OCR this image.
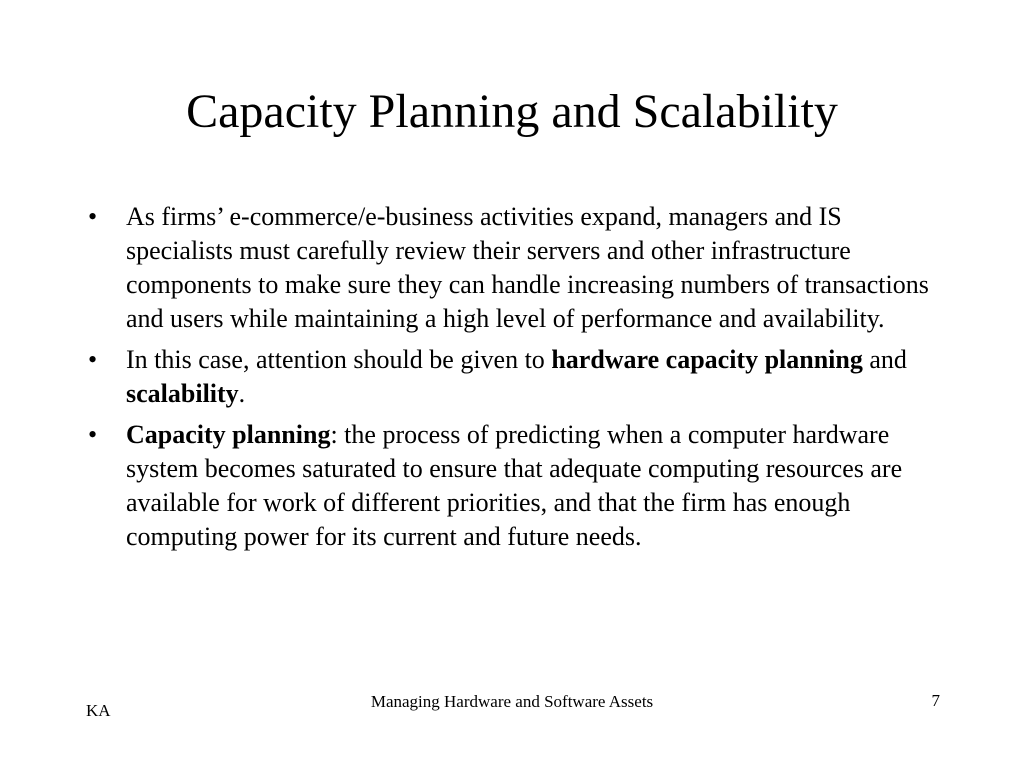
Capacity Planning and Scalability
•	As firms’ e-commerce/e-business activities expand, managers and IS specialists must carefully review their servers and other infrastructure components to make sure they can handle increasing numbers of transactions and users while maintaining a high level of performance and availability.
•	In this case, attention should be given to hardware capacity planning and scalability.
•	Capacity planning: the process of predicting when a computer hardware system becomes saturated to ensure that adequate computing resources are available for work of different priorities, and that the firm has enough computing power for its current and future needs.
KA	Managing Hardware and Software Assets	7
